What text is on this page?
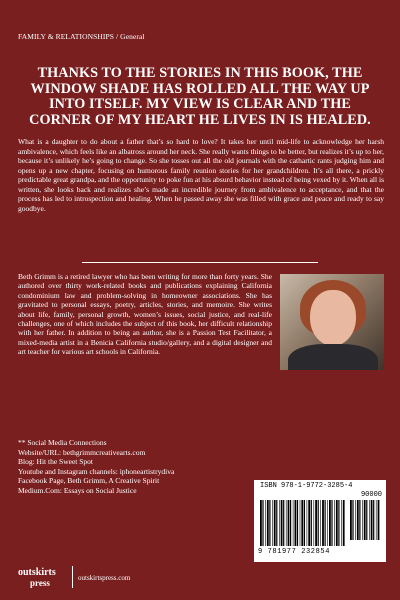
FAMILY & RELATIONSHIPS / General
THANKS TO THE STORIES IN THIS BOOK, THE WINDOW SHADE HAS ROLLED ALL THE WAY UP INTO ITSELF. MY VIEW IS CLEAR AND THE CORNER OF MY HEART HE LIVES IN IS HEALED.
What is a daughter to do about a father that’s so hard to love? It takes her until mid-life to acknowledge her harsh ambivalence, which feels like an albatross around her neck. She really wants things to be better, but realizes it’s up to her, because it’s unlikely he’s going to change. So she tosses out all the old journals with the cathartic rants judging him and opens up a new chapter, focusing on humorous family reunion stories for her grandchildren. It’s all there, a prickly predictable great grandpa, and the opportunity to poke fun at his absurd behavior instead of being vexed by it. When all is written, she looks back and realizes she’s made an incredible journey from ambivalence to acceptance, and that the process has led to introspection and healing. When he passed away she was filled with grace and peace and ready to say goodbye.
Beth Grimm is a retired lawyer who has been writing for more than forty years. She authored over thirty work-related books and publications explaining California condominium law and problem-solving in homeowner associations. She has gravitated to personal essays, poetry, articles, stories, and memoire. She writes about life, family, personal growth, women’s issues, social justice, and real-life challenges, one of which includes the subject of this book, her difficult relationship with her father. In addition to being an author, she is a Passion Test Facilitator, a mixed-media artist in a Benicia California studio/gallery, and a digital designer and art teacher for various art schools in California.
** Social Media Connections
Website/URL: bethgrimmcreativearts.com
Blog: Hit the Sweet Spot
Youtube and Instagram channels: iphoneartistrydiva
Facebook Page, Beth Grimm, A Creative Spirit
Medium.Com: Essays on Social Justice	ISBN 978-1-9772-3285-4
90000
9 781977 232854
outskirts
press	outskirtspress.com
